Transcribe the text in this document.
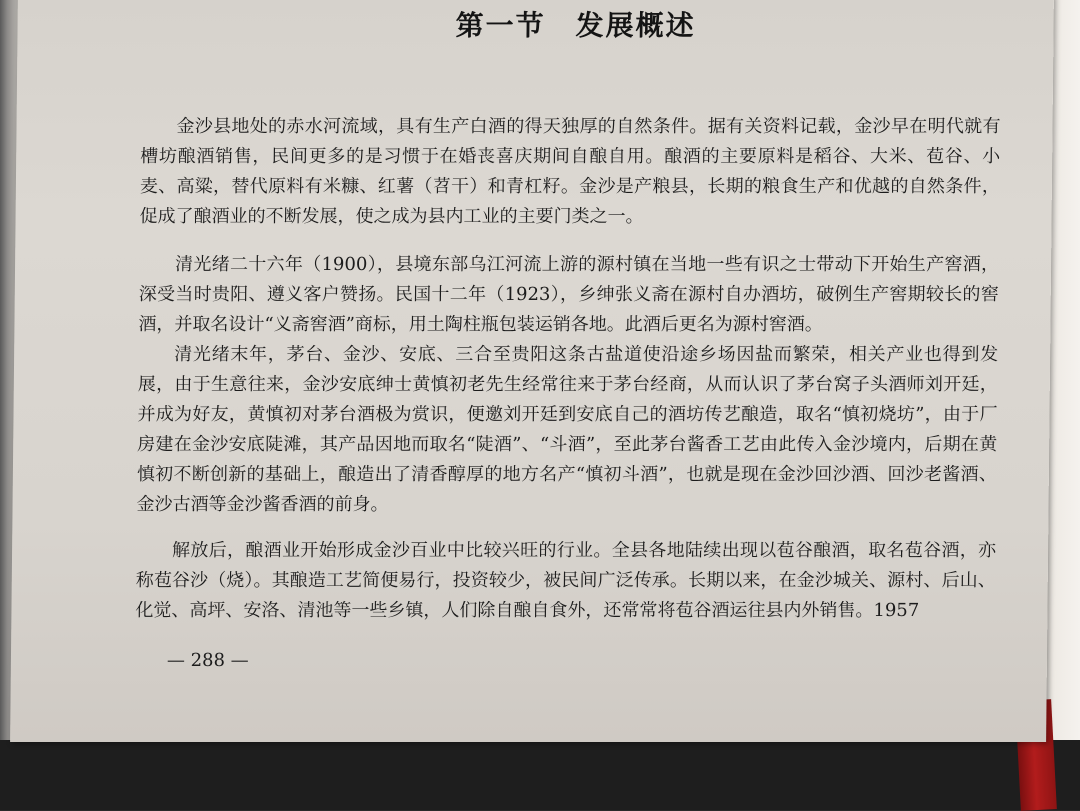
第一节　发展概述

金沙县地处的赤水河流域，具有生产白酒的得天独厚的自然条件。据有关资料记载，金沙早在明代就有槽坊酿酒销售，民间更多的是习惯于在婚丧喜庆期间自酿自用。酿酒的主要原料是稻谷、大米、苞谷、小麦、高粱，替代原料有米糠、红薯（苕干）和青杠籽。金沙是产粮县，长期的粮食生产和优越的自然条件，促成了酿酒业的不断发展，使之成为县内工业的主要门类之一。

清光绪二十六年（1900），县境东部乌江河流上游的源村镇在当地一些有识之士带动下开始生产窖酒，深受当时贵阳、遵义客户赞扬。民国十二年（1923），乡绅张义斋在源村自办酒坊，破例生产窖期较长的窖酒，并取名设计“义斋窖酒”商标，用土陶柱瓶包装运销各地。此酒后更名为源村窖酒。

清光绪末年，茅台、金沙、安底、三合至贵阳这条古盐道使沿途乡场因盐而繁荣，相关产业也得到发展，由于生意往来，金沙安底绅士黄慎初老先生经常往来于茅台经商，从而认识了茅台窝子头酒师刘开廷，并成为好友，黄慎初对茅台酒极为赏识，便邀刘开廷到安底自己的酒坊传艺酿造，取名“慎初烧坊”，由于厂房建在金沙安底陡滩，其产品因地而取名“陡酒”、“斗酒”，至此茅台酱香工艺由此传入金沙境内，后期在黄慎初不断创新的基础上，酿造出了清香醇厚的地方名产“慎初斗酒”，也就是现在金沙回沙酒、回沙老酱酒、金沙古酒等金沙酱香酒的前身。

解放后，酿酒业开始形成金沙百业中比较兴旺的行业。全县各地陆续出现以苞谷酿酒，取名苞谷酒，亦称苞谷沙（烧）。其酿造工艺简便易行，投资较少，被民间广泛传承。长期以来，在金沙城关、源村、后山、化觉、高坪、安洛、清池等一些乡镇，人们除自酿自食外，还常常将苞谷酒运往县内外销售。1957

— 288 —
